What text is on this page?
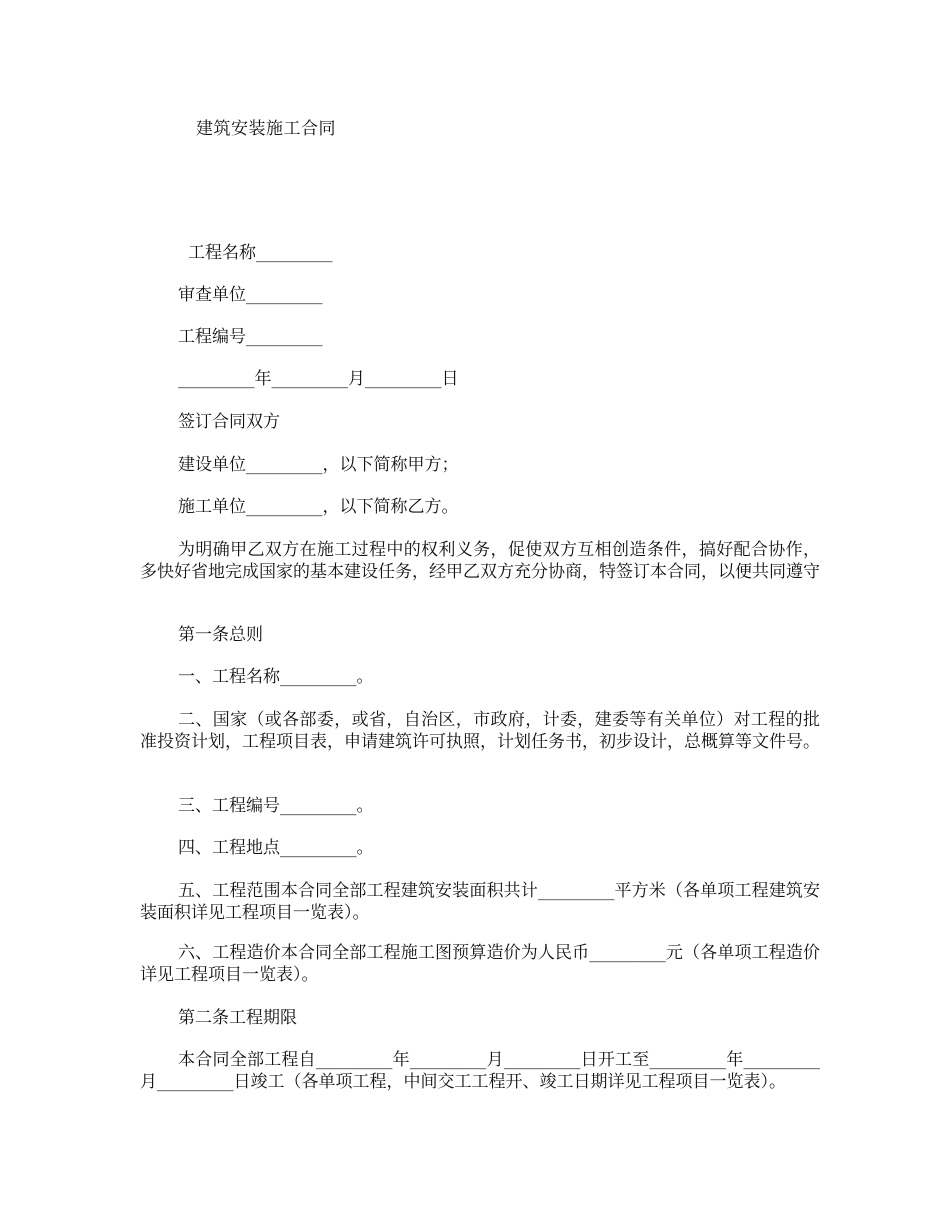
建筑安装施工合同
工程名称_________
审查单位_________
工程编号_________
_________年_________月_________日
签订合同双方
建设单位_________，以下简称甲方；
施工单位_________，以下简称乙方。
为明确甲乙双方在施工过程中的权利义务，促使双方互相创造条件，搞好配合协作，多快好省地完成国家的基本建设任务，经甲乙双方充分协商，特签订本合同，以便共同遵守
第一条总则
一、工程名称_________。
二、国家（或各部委，或省，自治区，市政府，计委，建委等有关单位）对工程的批准投资计划，工程项目表，申请建筑许可执照，计划任务书，初步设计，总概算等文件号。
三、工程编号_________。
四、工程地点_________。
五、工程范围本合同全部工程建筑安装面积共计_________平方米（各单项工程建筑安装面积详见工程项目一览表）。
六、工程造价本合同全部工程施工图预算造价为人民币_________元（各单项工程造价详见工程项目一览表）。
第二条工程期限
本合同全部工程自_________年_________月_________日开工至_________年_________月_________日竣工（各单项工程，中间交工工程开、竣工日期详见工程项目一览表）。
